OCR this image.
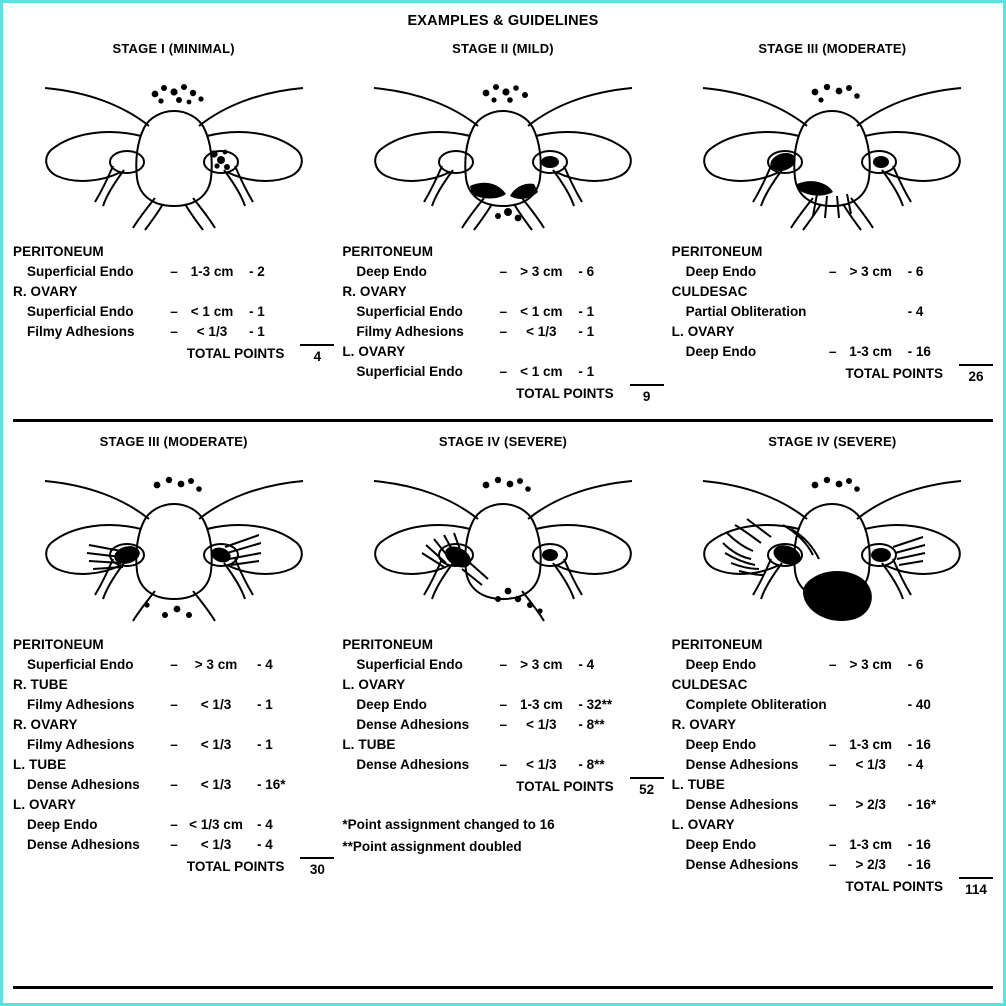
EXAMPLES & GUIDELINES
STAGE I (MINIMAL)
PERITONEUM
Superficial Endo	– 1-3 cm	- 2
R. OVARY
Superficial Endo	– < 1 cm	- 1
Filmy Adhesions	–	< 1/3	- 1
TOTAL POINTS	4
STAGE II (MILD)
PERITONEUM
Deep Endo	– > 3 cm	- 6
R. OVARY
Superficial Endo	– < 1 cm	- 1
Filmy Adhesions	–	< 1/3	- 1
L. OVARY
Superficial Endo	– < 1 cm	- 1
TOTAL POINTS	9
STAGE III (MODERATE)
PERITONEUM
Deep Endo	– > 3 cm	- 6
CULDESAC
Partial Obliteration	- 4
L. OVARY
Deep Endo	– 1-3 cm	- 16
TOTAL POINTS	26
STAGE III (MODERATE)
PERITONEUM
Superficial Endo	–	> 3 cm	- 4
R. TUBE
Filmy Adhesions	–	< 1/3	- 1
R. OVARY
Filmy Adhesions	–	< 1/3	- 1
L. TUBE
Dense Adhesions	–	< 1/3	- 16*
L. OVARY
Deep Endo	– < 1/3 cm	- 4
Dense Adhesions	–	< 1/3	- 4
TOTAL POINTS	30
STAGE IV (SEVERE)
PERITONEUM
Superficial Endo	– > 3 cm	- 4
L. OVARY
Deep Endo	– 1-3 cm	- 32**
Dense Adhesions	–	< 1/3	- 8**
L. TUBE
Dense Adhesions	–	< 1/3	- 8**
TOTAL POINTS	52
*Point assignment changed to 16
**Point assignment doubled
STAGE IV (SEVERE)
PERITONEUM
Deep Endo	– > 3 cm	- 6
CULDESAC
Complete Obliteration	- 40
R. OVARY
Deep Endo	– 1-3 cm	- 16
Dense Adhesions	–	< 1/3	- 4
L. TUBE
Dense Adhesions	–	> 2/3	- 16*
L. OVARY
Deep Endo	– 1-3 cm	- 16
Dense Adhesions	–	> 2/3	- 16
TOTAL POINTS	114
